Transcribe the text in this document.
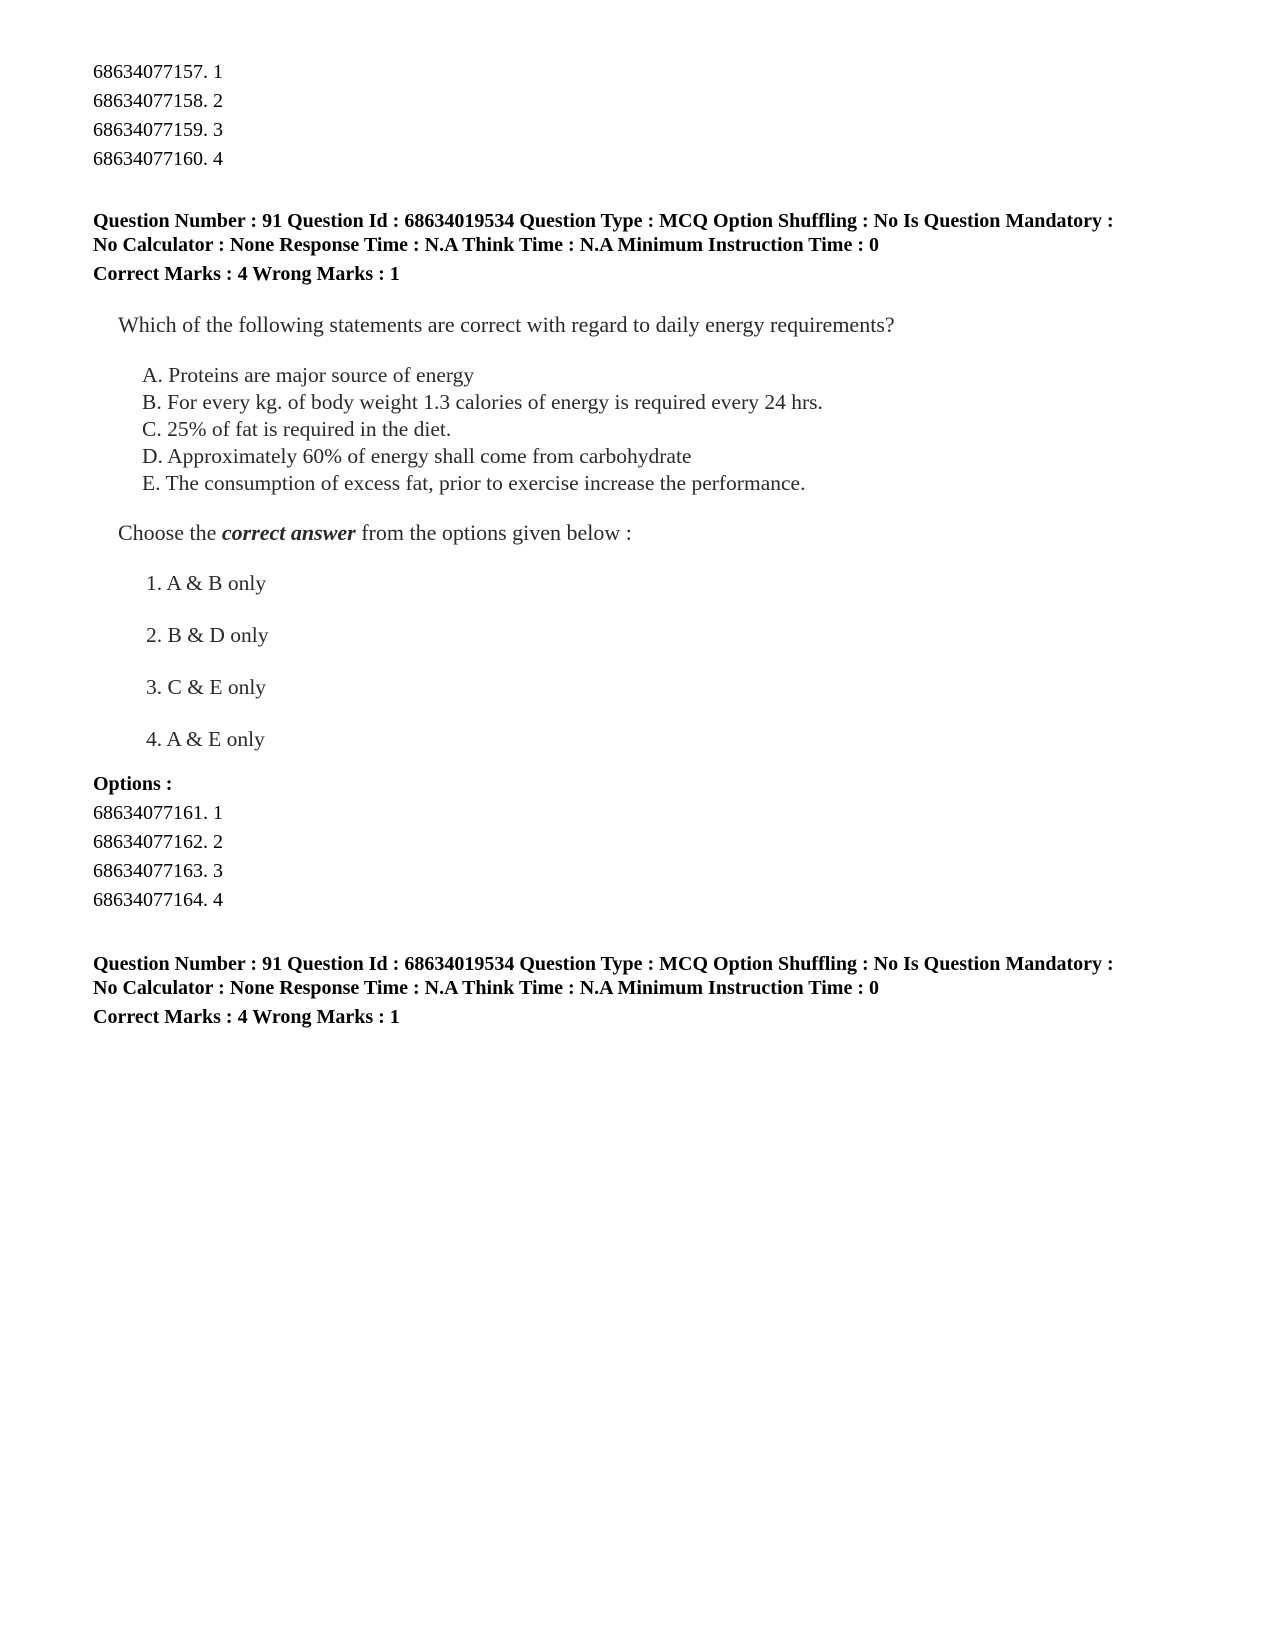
68634077157. 1
68634077158. 2
68634077159. 3
68634077160. 4
Question Number : 91 Question Id : 68634019534 Question Type : MCQ Option Shuffling : No Is Question Mandatory :
No Calculator : None Response Time : N.A Think Time : N.A Minimum Instruction Time : 0
Correct Marks : 4 Wrong Marks : 1
Which of the following statements are correct with regard to daily energy requirements?
A. Proteins are major source of energy
B. For every kg. of body weight 1.3 calories of energy is required every 24 hrs.
C. 25% of fat is required in the diet.
D. Approximately 60% of energy shall come from carbohydrate
E. The consumption of excess fat, prior to exercise increase the performance.
Choose the correct answer from the options given below :
1. A & B only
2. B & D only
3. C & E only
4. A & E only
Options :
68634077161. 1
68634077162. 2
68634077163. 3
68634077164. 4
Question Number : 91 Question Id : 68634019534 Question Type : MCQ Option Shuffling : No Is Question Mandatory :
No Calculator : None Response Time : N.A Think Time : N.A Minimum Instruction Time : 0
Correct Marks : 4 Wrong Marks : 1
